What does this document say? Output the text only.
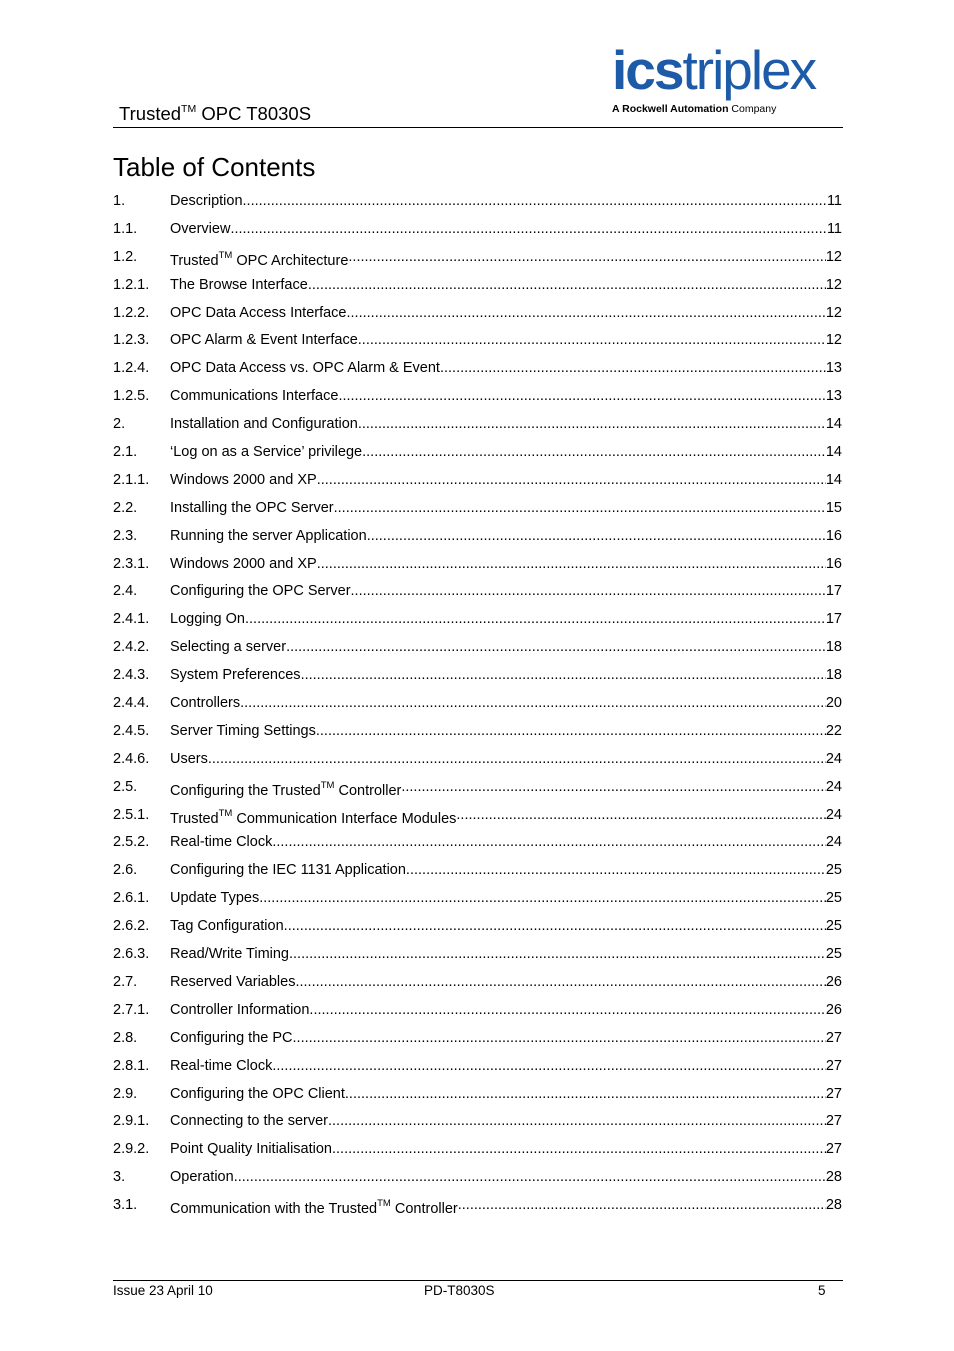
Trusted™ OPC T8030S
icstriplex
A Rockwell Automation Company
Table of Contents
1.	Description .....	11
1.1. Overview .....	11
1.2. Trusted™ OPC Architecture .....	12
1.2.1. The Browse Interface .....	12
1.2.2. OPC Data Access Interface .....	12
1.2.3. OPC Alarm & Event Interface .....	12
1.2.4. OPC Data Access vs. OPC Alarm & Event .....	13
1.2.5. Communications Interface .....	13
2.	Installation and Configuration .....	14
2.1. ‘Log on as a Service’ privilege .....	14
2.1.1. Windows 2000 and XP .....	14
2.2. Installing the OPC Server .....	15
2.3. Running the server Application .....	16
2.3.1. Windows 2000 and XP .....	16
2.4. Configuring the OPC Server .....	17
2.4.1. Logging On .....	17
2.4.2. Selecting a server .....	18
2.4.3. System Preferences .....	18
2.4.4. Controllers .....	20
2.4.5. Server Timing Settings .....	22
2.4.6. Users .....	24
2.5. Configuring the Trusted™ Controller .....	24
2.5.1. Trusted™ Communication Interface Modules .....	24
2.5.2. Real-time Clock .....	24
2.6. Configuring the IEC 1131 Application .....	25
2.6.1. Update Types .....	25
2.6.2. Tag Configuration .....	25
2.6.3. Read/Write Timing .....	25
2.7. Reserved Variables .....	26
2.7.1. Controller Information .....	26
2.8. Configuring the PC .....	27
2.8.1. Real-time Clock .....	27
2.9. Configuring the OPC Client .....	27
2.9.1. Connecting to the server .....	27
2.9.2. Point Quality Initialisation .....	27
3.	Operation .....	28
3.1. Communication with the Trusted™ Controller .....	28
Issue 23 April 10	PD-T8030S	5
